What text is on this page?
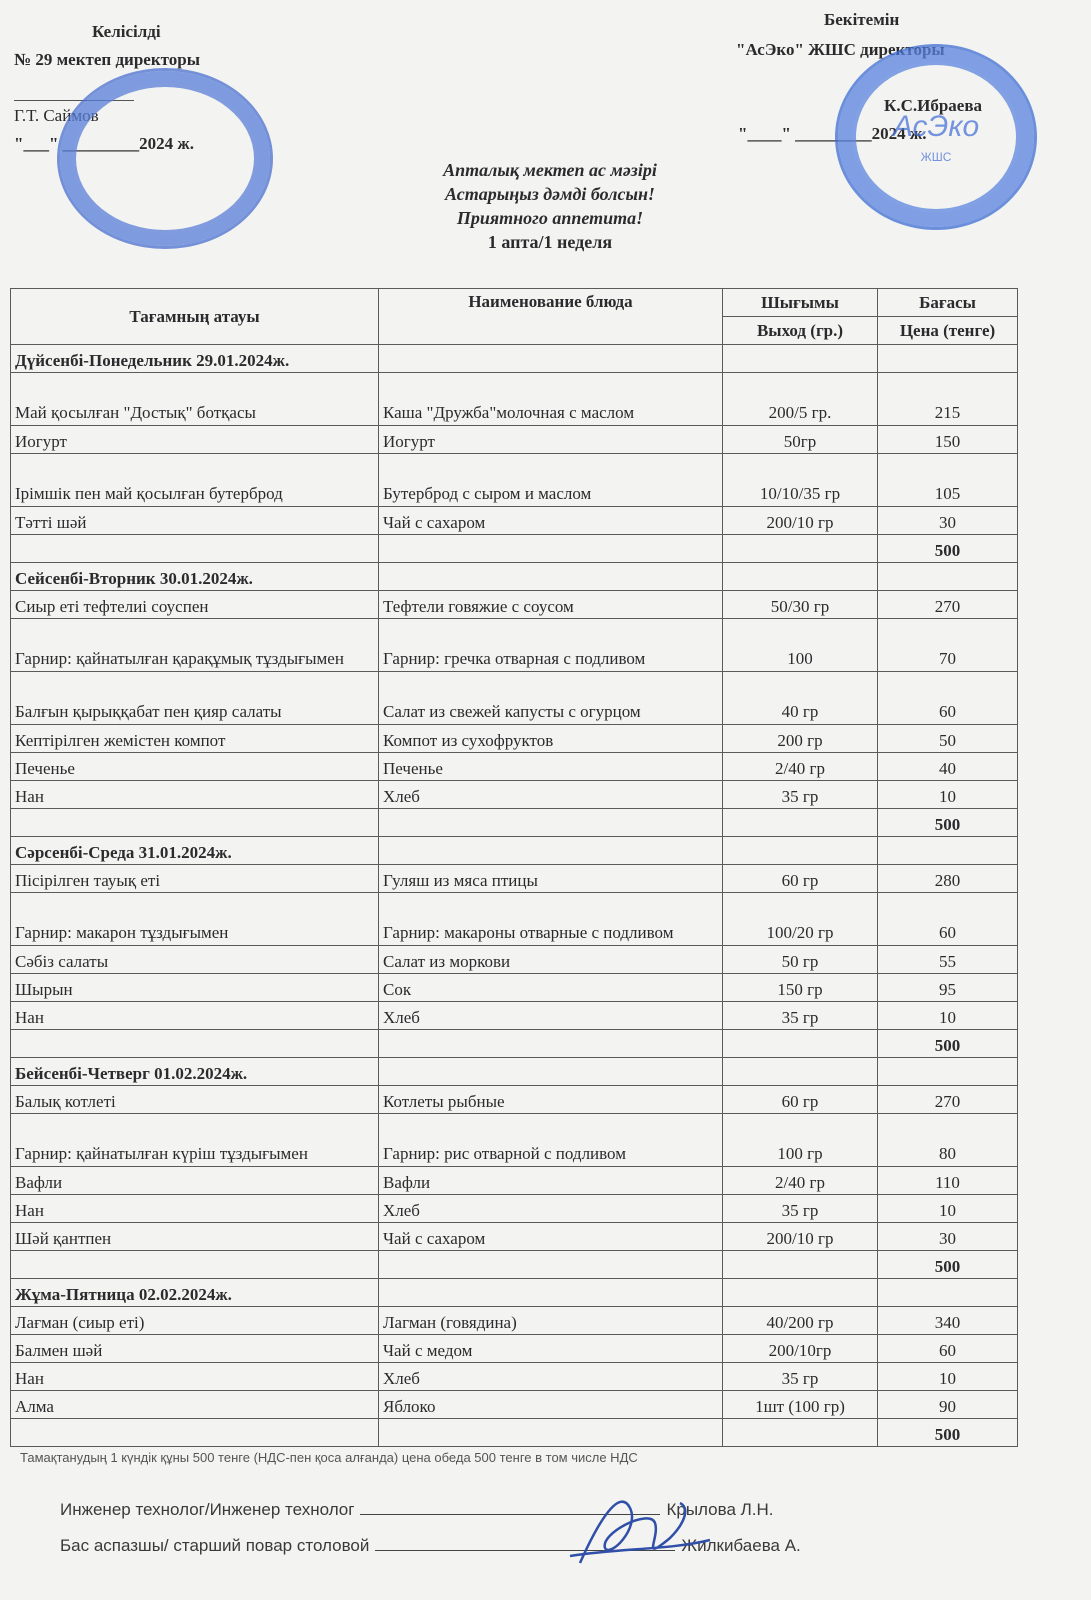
Келісілді
№ 29 мектеп директоры
Г.Т. Саймов
"___" _________2024 ж.
Бекітемін
"АсЭко" ЖШС директоры
К.С.Ибраева
"____" _________2024 ж.
АсЭко
ЖШС
Апталық мектеп ас мәзірі
Астарыңыз дәмді болсын!
Приятного аппетита!
1 апта/1 неделя
Тағамның атауы	Наименование блюда	Шығымы	Бағасы
		Выход (гр.)	Цена (тенге)
Дүйсенбі-Понедельник 29.01.2024ж.			
Май қосылған "Достық" ботқасы	Каша "Дружба"молочная с маслом	200/5 гр.	215
Иогурт	Иогурт	50гр	150
Ірімшік пен май қосылған бутерброд	Бутерброд с сыром и маслом	10/10/35 гр	105
Тәтті шәй	Чай с сахаром	200/10 гр	30
			500
Сейсенбі-Вторник 30.01.2024ж.			
Сиыр еті тефтелиі соуспен	Тефтели говяжие с соусом	50/30 гр	270
Гарнир: қайнатылған қарақұмық тұздығымен	Гарнир: гречка отварная с подливом	100	70
Балғын қырыққабат пен қияр салаты	Салат из свежей капусты с огурцом	40 гр	60
Кептірілген жемістен компот	Компот из сухофруктов	200 гр	50
Печенье	Печенье	2/40 гр	40
Нан	Хлеб	35 гр	10
			500
Сәрсенбі-Среда 31.01.2024ж.			
Пісірілген тауық еті	Гуляш из мяса птицы	60 гр	280
Гарнир: макарон тұздығымен	Гарнир: макароны отварные с подливом	100/20 гр	60
Сәбіз салаты	Салат из моркови	50 гр	55
Шырын	Сок	150 гр	95
Нан	Хлеб	35 гр	10
			500
Бейсенбі-Четверг 01.02.2024ж.			
Балық котлеті	Котлеты рыбные	60 гр	270
Гарнир: қайнатылған күріш тұздығымен	Гарнир: рис отварной с подливом	100 гр	80
Вафли	Вафли	2/40 гр	110
Нан	Хлеб	35 гр	10
Шәй қантпен	Чай с сахаром	200/10 гр	30
			500
Жұма-Пятница 02.02.2024ж.			
Лағман (сиыр еті)	Лагман (говядина)	40/200 гр	340
Балмен шәй	Чай с медом	200/10гр	60
Нан	Хлеб	35 гр	10
Алма	Яблоко	1шт (100 гр)	90
			500
Тамақтанудың 1 күндік құны 500 тенге (НДС-пен қоса алғанда) цена обеда 500 тенге в том числе НДС
Инженер технолог/Инженер технолог	Крылова Л.Н.
Бас аспазшы/ старший повар столовой	Жилкибаева А.
